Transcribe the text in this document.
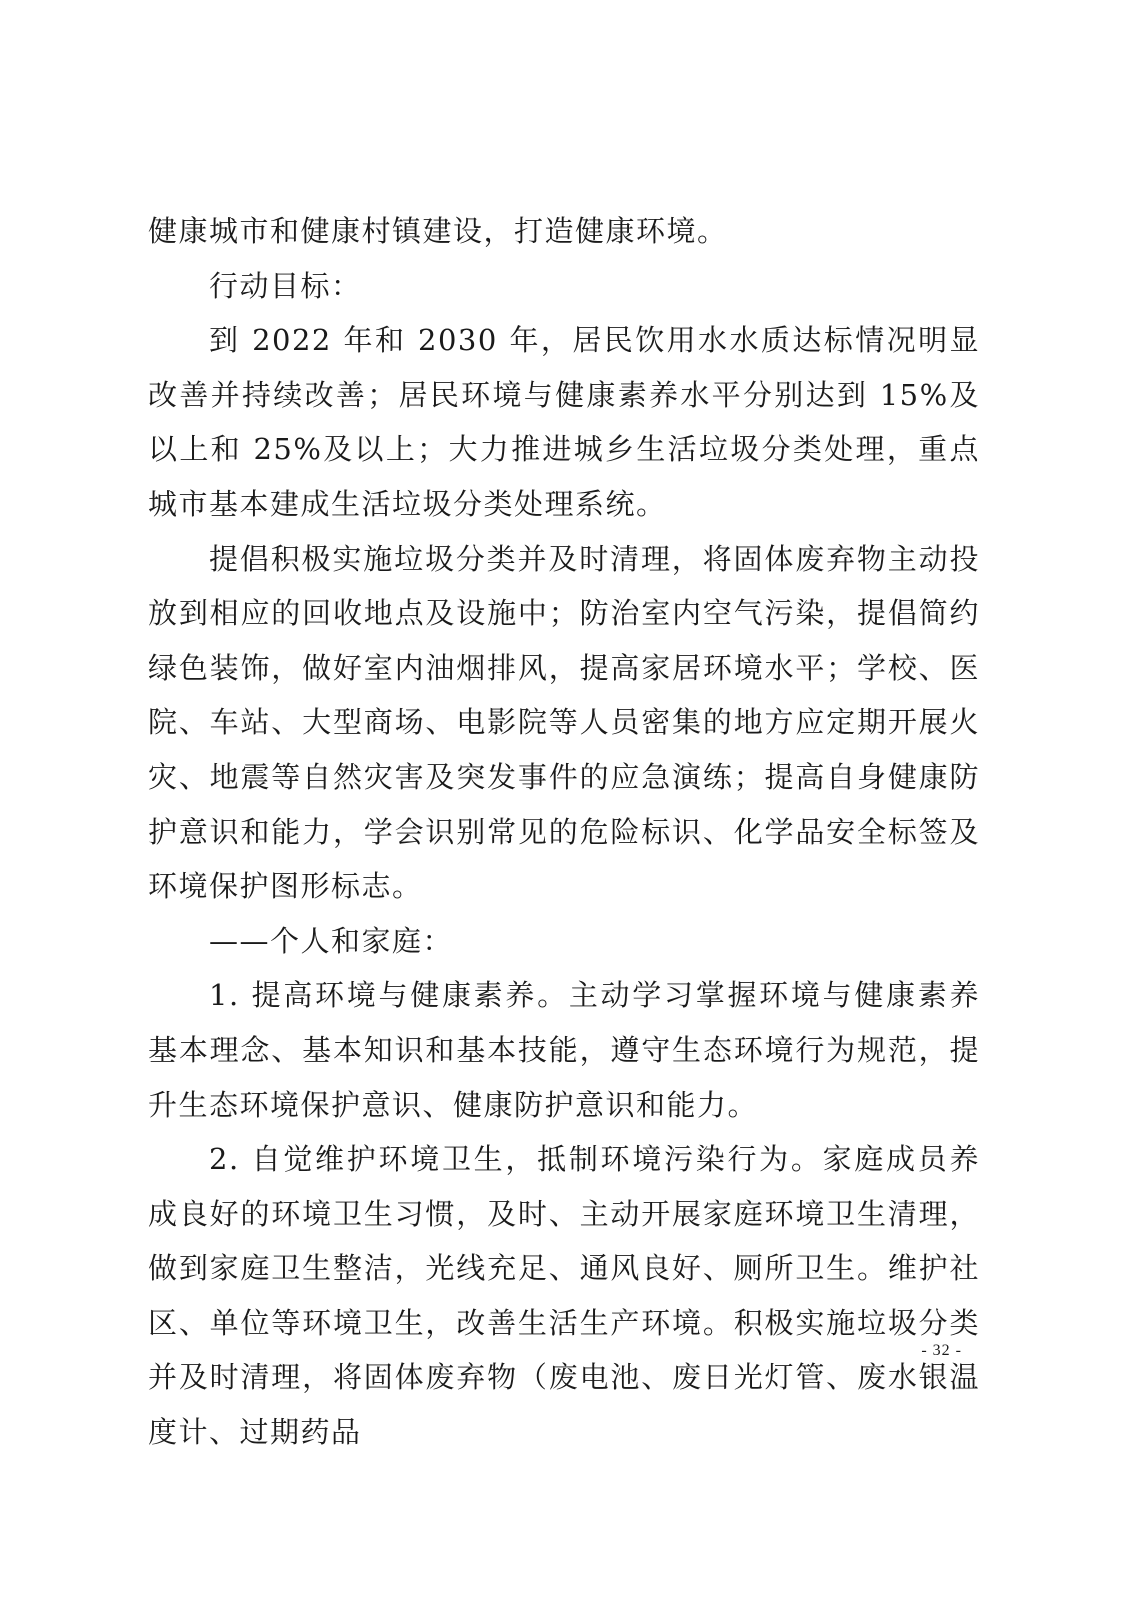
健康城市和健康村镇建设，打造健康环境。

行动目标：

到 2022 年和 2030 年，居民饮用水水质达标情况明显改善并持续改善；居民环境与健康素养水平分别达到 15%及以上和 25%及以上；大力推进城乡生活垃圾分类处理，重点城市基本建成生活垃圾分类处理系统。

提倡积极实施垃圾分类并及时清理，将固体废弃物主动投放到相应的回收地点及设施中；防治室内空气污染，提倡简约绿色装饰，做好室内油烟排风，提高家居环境水平；学校、医院、车站、大型商场、电影院等人员密集的地方应定期开展火灾、地震等自然灾害及突发事件的应急演练；提高自身健康防护意识和能力，学会识别常见的危险标识、化学品安全标签及环境保护图形标志。

——个人和家庭：

1. 提高环境与健康素养。主动学习掌握环境与健康素养基本理念、基本知识和基本技能，遵守生态环境行为规范，提升生态环境保护意识、健康防护意识和能力。

2. 自觉维护环境卫生，抵制环境污染行为。家庭成员养成良好的环境卫生习惯，及时、主动开展家庭环境卫生清理，做到家庭卫生整洁，光线充足、通风良好、厕所卫生。维护社区、单位等环境卫生，改善生活生产环境。积极实施垃圾分类并及时清理，将固体废弃物（废电池、废日光灯管、废水银温度计、过期药品

- 32 -
